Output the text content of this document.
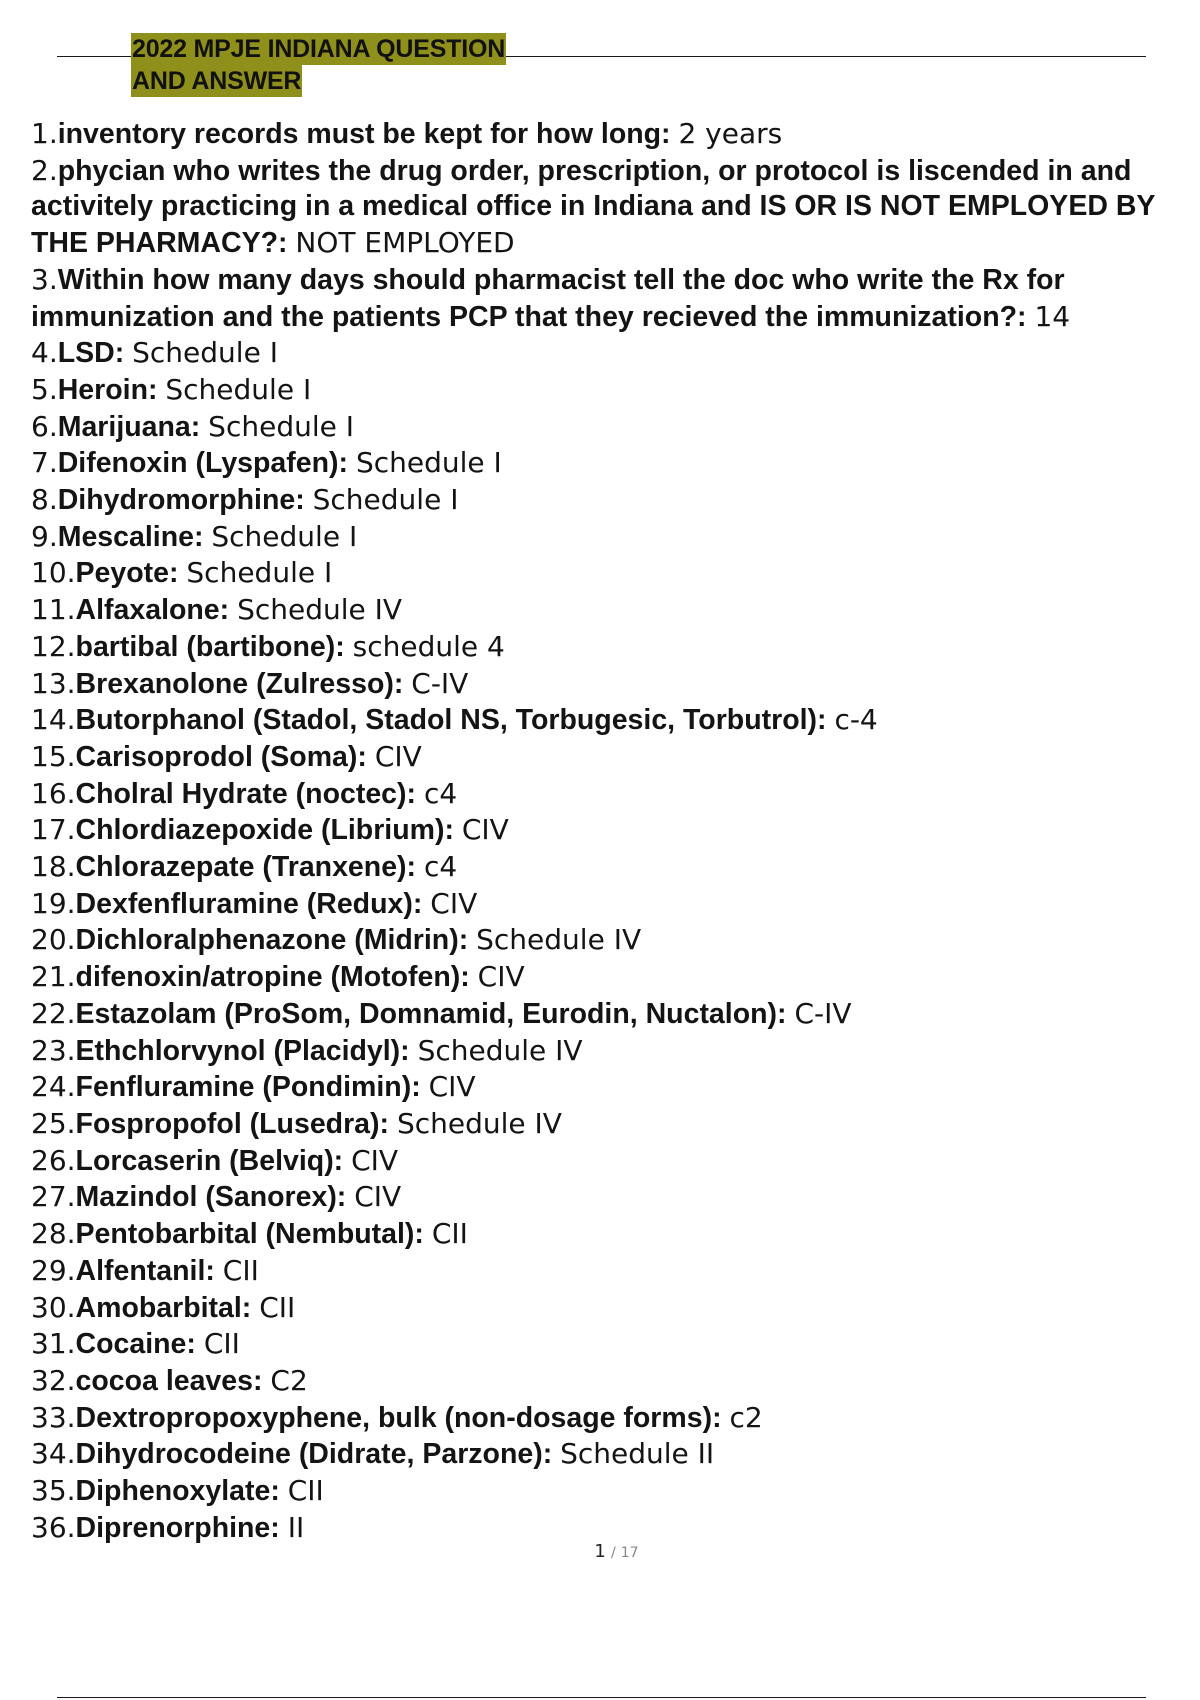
2022 MPJE INDIANA QUESTION
AND ANSWER
1.inventory records must be kept for how long: 2 years
2.phycian who writes the drug order, prescription, or protocol is liscended in and activitely practicing in a medical office in Indiana and IS OR IS NOT EMPLOYED BY THE PHARMACY?: NOT EMPLOYED
3.Within how many days should pharmacist tell the doc who write the Rx for immunization and the patients PCP that they recieved the immunization?: 14
4.LSD: Schedule I
5.Heroin: Schedule I
6.Marijuana: Schedule I
7.Difenoxin (Lyspafen): Schedule I
8.Dihydromorphine: Schedule I
9.Mescaline: Schedule I
10.Peyote: Schedule I
11.Alfaxalone: Schedule IV
12.bartibal (bartibone): schedule 4
13.Brexanolone (Zulresso): C-IV
14.Butorphanol (Stadol, Stadol NS, Torbugesic, Torbutrol): c-4
15.Carisoprodol (Soma): CIV
16.Cholral Hydrate (noctec): c4
17.Chlordiazepoxide (Librium): CIV
18.Chlorazepate (Tranxene): c4
19.Dexfenfluramine (Redux): CIV
20.Dichloralphenazone (Midrin): Schedule IV
21.difenoxin/atropine (Motofen): CIV
22.Estazolam (ProSom, Domnamid, Eurodin, Nuctalon): C-IV
23.Ethchlorvynol (Placidyl): Schedule IV
24.Fenfluramine (Pondimin): CIV
25.Fospropofol (Lusedra): Schedule IV
26.Lorcaserin (Belviq): CIV
27.Mazindol (Sanorex): CIV
28.Pentobarbital (Nembutal): CII
29.Alfentanil: CII
30.Amobarbital: CII
31.Cocaine: CII
32.cocoa leaves: C2
33.Dextropropoxyphene, bulk (non-dosage forms): c2
34.Dihydrocodeine (Didrate, Parzone): Schedule II
35.Diphenoxylate: CII
36.Diprenorphine: II
1 / 17
